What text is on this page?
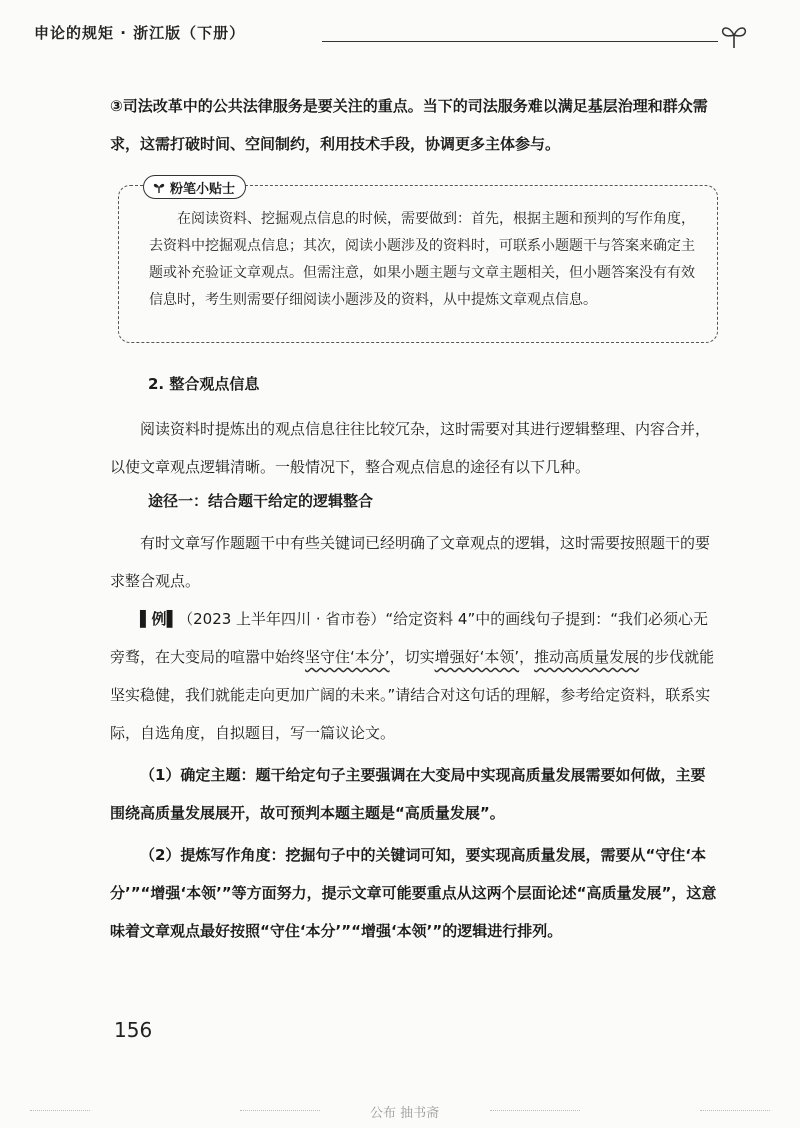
申论的规矩 · 浙江版（下册）

③司法改革中的公共法律服务是要关注的重点。当下的司法服务难以满足基层治理和群众需求，这需打破时间、空间制约，利用技术手段，协调更多主体参与。

粉笔小贴士

在阅读资料、挖掘观点信息的时候，需要做到：首先，根据主题和预判的写作角度，去资料中挖掘观点信息；其次，阅读小题涉及的资料时，可联系小题题干与答案来确定主题或补充验证文章观点。但需注意，如果小题主题与文章主题相关，但小题答案没有有效信息时，考生则需要仔细阅读小题涉及的资料，从中提炼文章观点信息。

2. 整合观点信息

阅读资料时提炼出的观点信息往往比较冗杂，这时需要对其进行逻辑整理、内容合并，以使文章观点逻辑清晰。一般情况下，整合观点信息的途径有以下几种。

途径一：结合题干给定的逻辑整合

有时文章写作题题干中有些关键词已经明确了文章观点的逻辑，这时需要按照题干的要求整合观点。

▌例▌（2023 上半年四川 · 省市卷）“给定资料 4”中的画线句子提到：“我们必须心无旁骛，在大变局的喧嚣中始终坚守住‘本分’，切实增强好‘本领’，推动高质量发展的步伐就能坚实稳健，我们就能走向更加广阔的未来。”请结合对这句话的理解，参考给定资料，联系实际，自选角度，自拟题目，写一篇议论文。

（1）确定主题：题干给定句子主要强调在大变局中实现高质量发展需要如何做，主要围绕高质量发展展开，故可预判本题主题是“高质量发展”。

（2）提炼写作角度：挖掘句子中的关键词可知，要实现高质量发展，需要从“守住‘本分’”“增强‘本领’”等方面努力，提示文章可能要重点从这两个层面论述“高质量发展”，这意味着文章观点最好按照“守住‘本分’”“增强‘本领’”的逻辑进行排列。

156
公布 抽书斋
